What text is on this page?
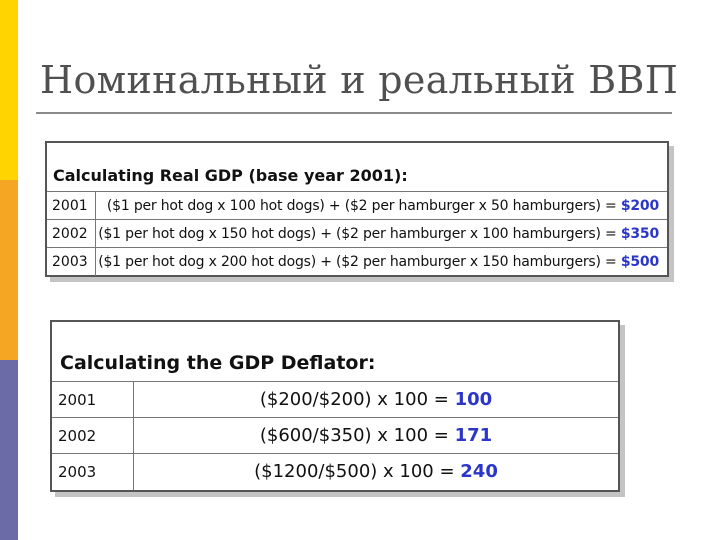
Номинальный и реальный ВВП
Calculating Real GDP (base year 2001):
2001	($1 per hot dog x 100 hot dogs) + ($2 per hamburger x 50 hamburgers) = $200
2002 ($1 per hot dog x 150 hot dogs) + ($2 per hamburger x 100 hamburgers) = $350
2003 ($1 per hot dog x 200 hot dogs) + ($2 per hamburger x 150 hamburgers) = $500
Calculating the GDP Deflator:
2001	($200/$200) x 100 = 100
2002	($600/$350) x 100 = 171
2003	($1200/$500) x 100 = 240
